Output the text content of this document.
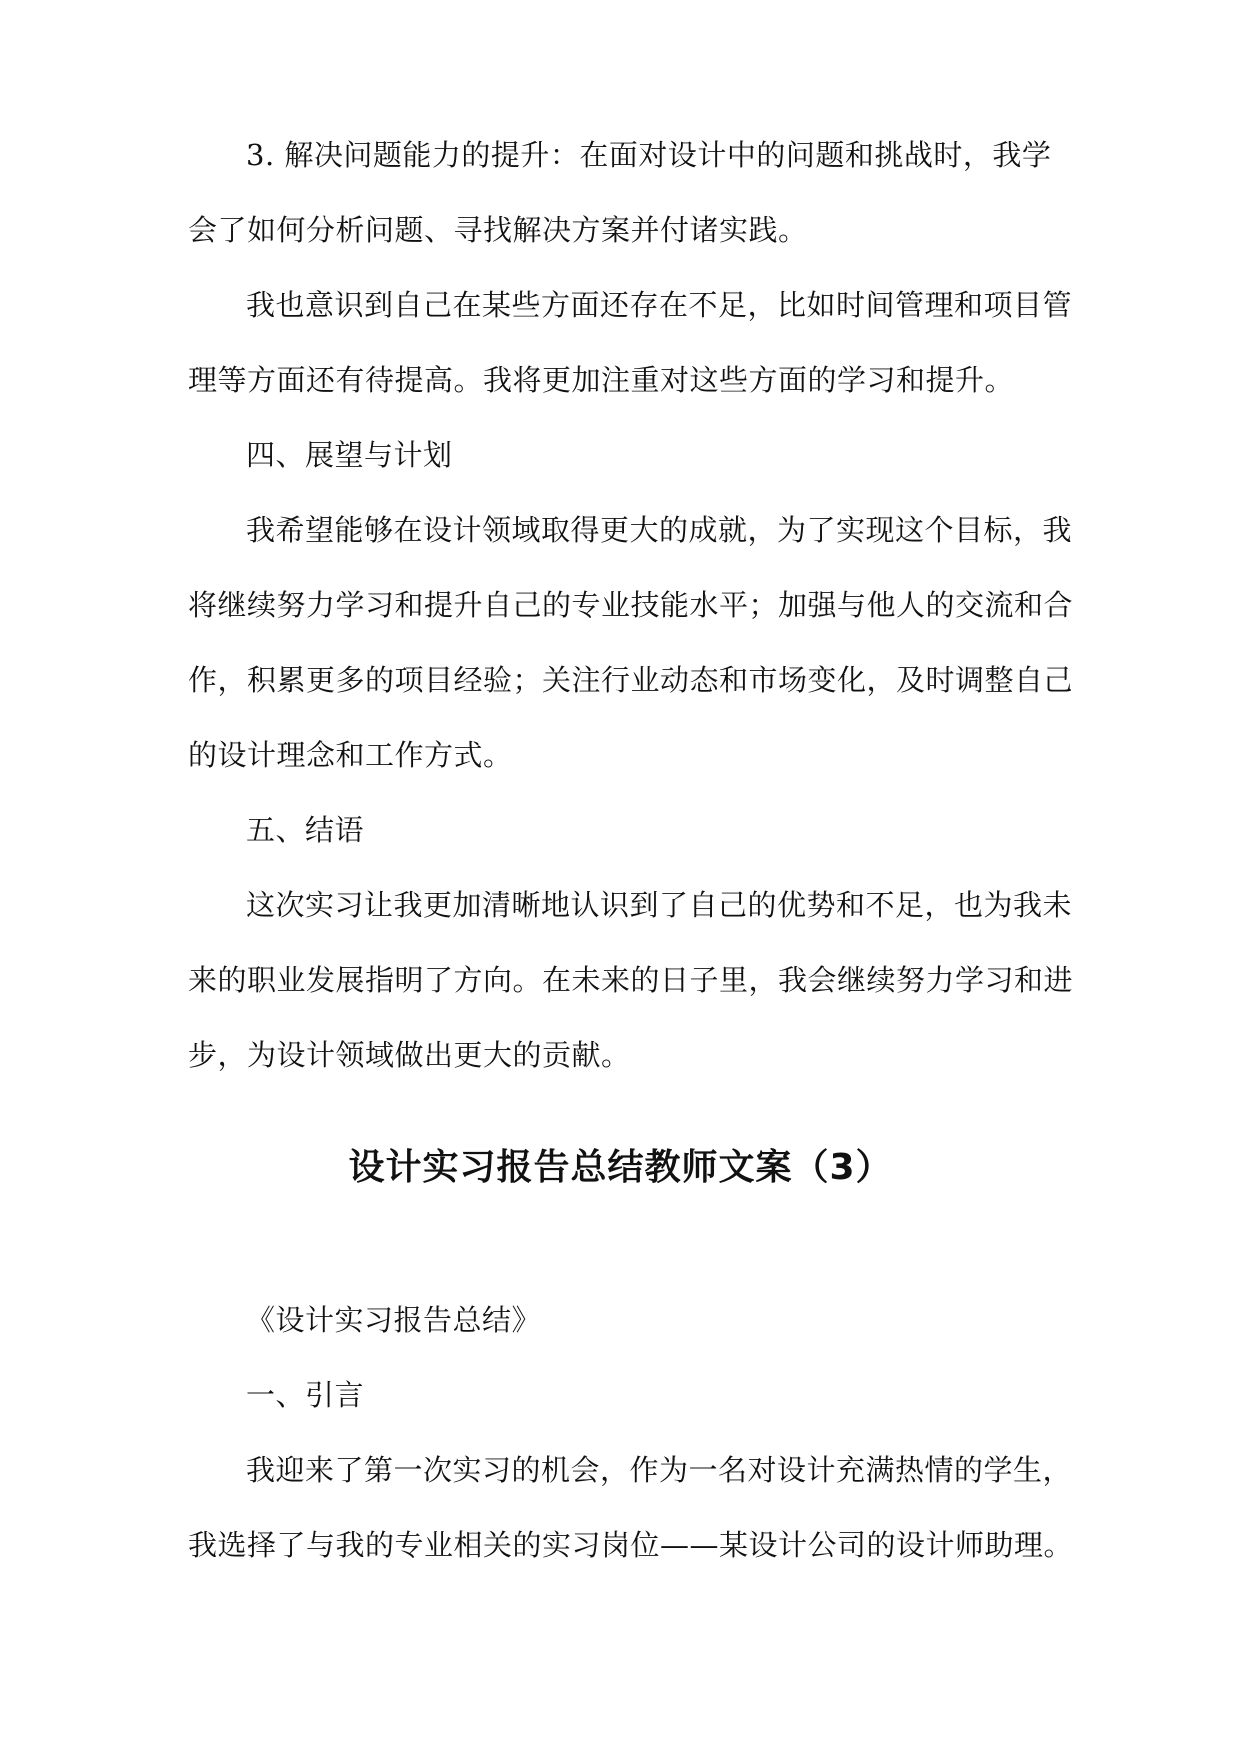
3. 解决问题能力的提升：在面对设计中的问题和挑战时，我学
会了如何分析问题、寻找解决方案并付诸实践。
我也意识到自己在某些方面还存在不足，比如时间管理和项目管
理等方面还有待提高。我将更加注重对这些方面的学习和提升。
四、展望与计划
我希望能够在设计领域取得更大的成就，为了实现这个目标，我
将继续努力学习和提升自己的专业技能水平；加强与他人的交流和合
作，积累更多的项目经验；关注行业动态和市场变化，及时调整自己
的设计理念和工作方式。
五、结语
这次实习让我更加清晰地认识到了自己的优势和不足，也为我未
来的职业发展指明了方向。在未来的日子里，我会继续努力学习和进
步，为设计领域做出更大的贡献。
设计实习报告总结教师文案（3）
《设计实习报告总结》
一、引言
我迎来了第一次实习的机会，作为一名对设计充满热情的学生，
我选择了与我的专业相关的实习岗位——某设计公司的设计师助理。
